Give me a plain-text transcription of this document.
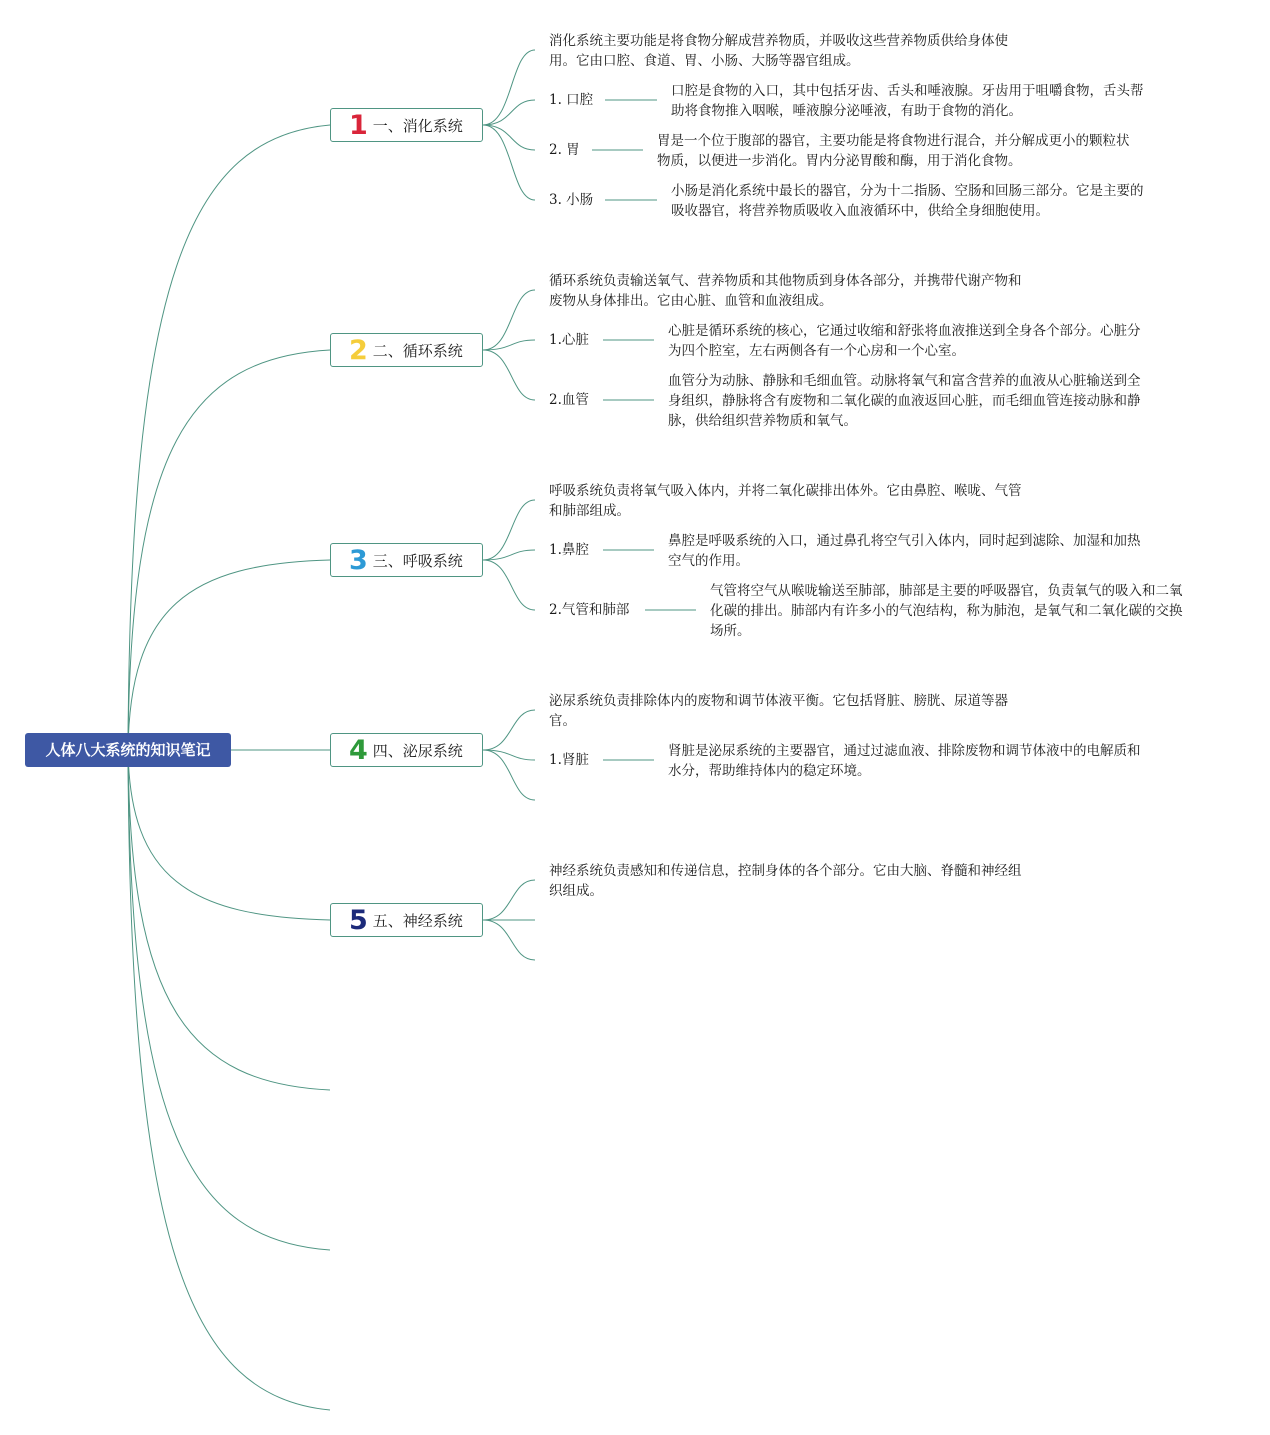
人体八大系统的知识笔记
1 一、消化系统
消化系统主要功能是将食物分解成营养物质，并吸收这些营养物质供给身体使
用。它由口腔、食道、胃、小肠、大肠等器官组成。
1. 口腔
口腔是食物的入口，其中包括牙齿、舌头和唾液腺。牙齿用于咀嚼食物，舌头帮
助将食物推入咽喉，唾液腺分泌唾液，有助于食物的消化。
2. 胃
胃是一个位于腹部的器官，主要功能是将食物进行混合，并分解成更小的颗粒状
物质，以便进一步消化。胃内分泌胃酸和酶，用于消化食物。
3. 小肠
小肠是消化系统中最长的器官，分为十二指肠、空肠和回肠三部分。它是主要的
吸收器官，将营养物质吸收入血液循环中，供给全身细胞使用。
2 二、循环系统
循环系统负责输送氧气、营养物质和其他物质到身体各部分，并携带代谢产物和
废物从身体排出。它由心脏、血管和血液组成。
1.心脏
心脏是循环系统的核心，它通过收缩和舒张将血液推送到全身各个部分。心脏分
为四个腔室，左右两侧各有一个心房和一个心室。
2.血管
血管分为动脉、静脉和毛细血管。动脉将氧气和富含营养的血液从心脏输送到全
身组织，静脉将含有废物和二氧化碳的血液返回心脏，而毛细血管连接动脉和静
脉，供给组织营养物质和氧气。
3 三、呼吸系统
呼吸系统负责将氧气吸入体内，并将二氧化碳排出体外。它由鼻腔、喉咙、气管
和肺部组成。
1.鼻腔
鼻腔是呼吸系统的入口，通过鼻孔将空气引入体内，同时起到滤除、加湿和加热
空气的作用。
2.气管和肺部
气管将空气从喉咙输送至肺部，肺部是主要的呼吸器官，负责氧气的吸入和二氧
化碳的排出。肺部内有许多小的气泡结构，称为肺泡，是氧气和二氧化碳的交换
场所。
4 四、泌尿系统
泌尿系统负责排除体内的废物和调节体液平衡。它包括肾脏、膀胱、尿道等器
官。
1.肾脏
肾脏是泌尿系统的主要器官，通过过滤血液、排除废物和调节体液中的电解质和
水分，帮助维持体内的稳定环境。
5 五、神经系统
神经系统负责感知和传递信息，控制身体的各个部分。它由大脑、脊髓和神经组
织组成。
